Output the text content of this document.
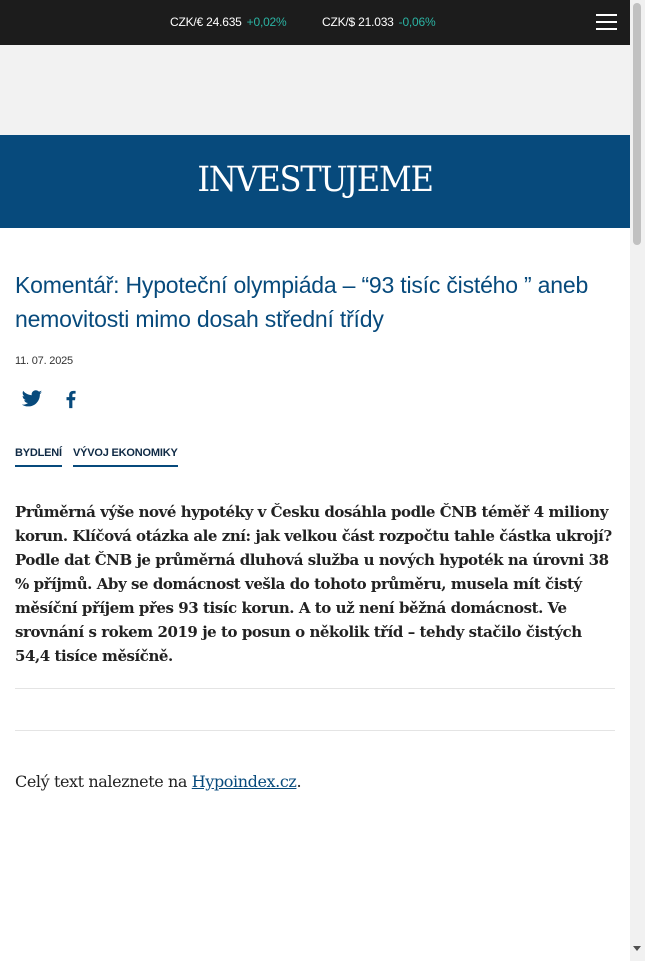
CZK/€ 24.635 +0,02%	CZK/$ 21.033 -0,06%
INVESTUJEME
Komentář: Hypoteční olympiáda – “93 tisíc čistého ” aneb nemovitosti mimo dosah střední třídy
11. 07. 2025
BYDLENÍ VÝVOJ EKONOMIKY

Průměrná výše nové hypotéky v Česku dosáhla podle ČNB téměř 4 miliony korun. Klíčová otázka ale zní: jak velkou část rozpočtu tahle částka ukrojí? Podle dat ČNB je průměrná dluhová služba u nových hypoték na úrovni 38 % příjmů. Aby se domácnost vešla do tohoto průměru, musela mít čistý měsíční příjem přes 93 tisíc korun. A to už není běžná domácnost. Ve srovnání s rokem 2019 je to posun o několik tříd – tehdy stačilo čistých 54,4 tisíce měsíčně.

Celý text naleznete na Hypoindex.cz.
